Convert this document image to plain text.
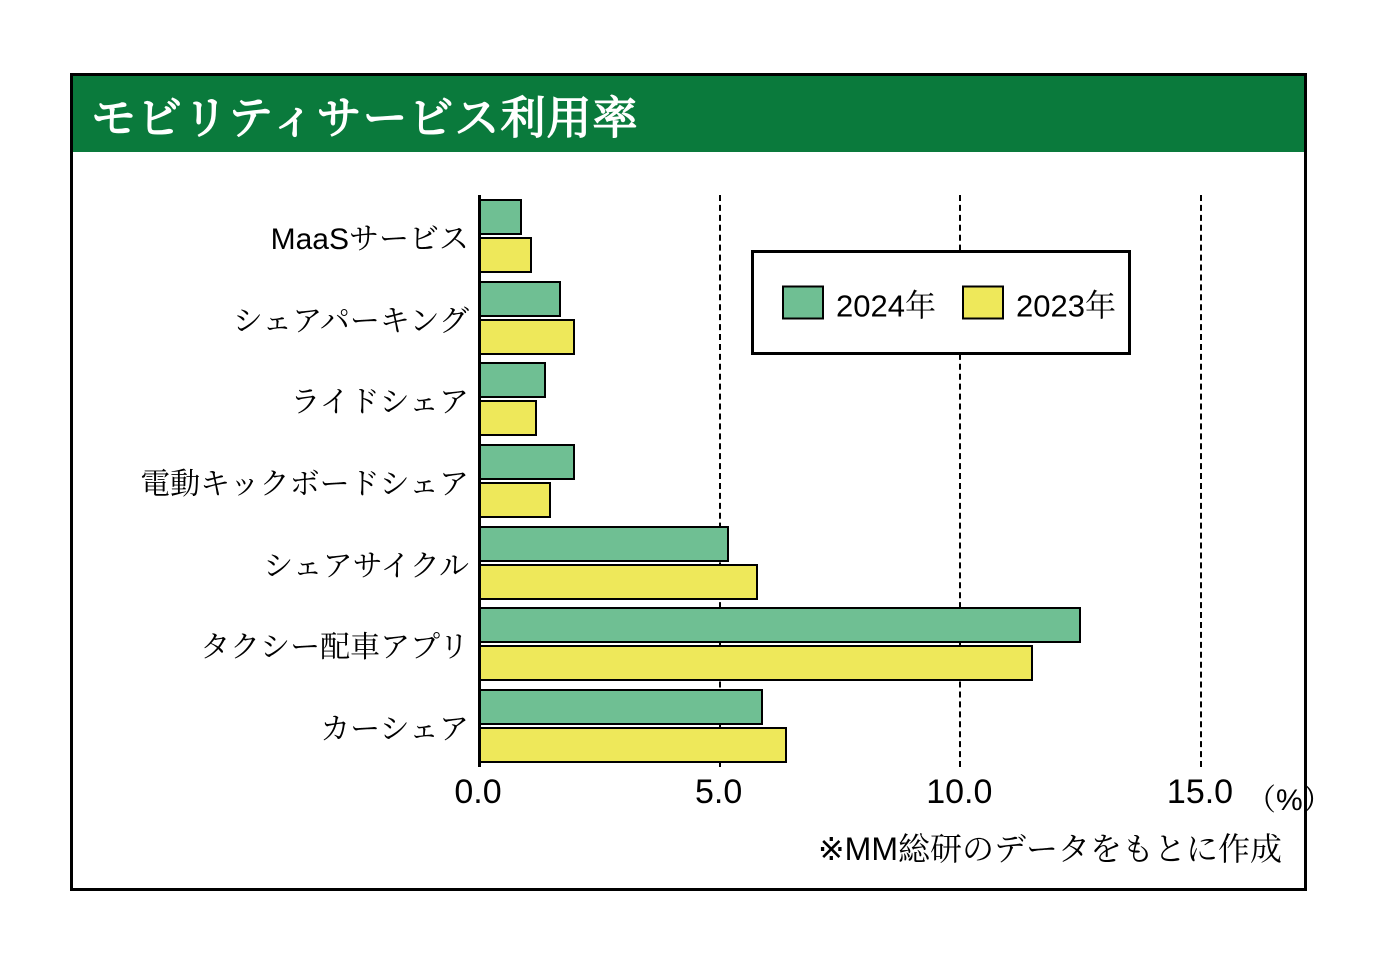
モビリティサービス利用率
MaaSサービス
シェアパーキング
ライドシェア
電動キックボードシェア
シェアサイクル
タクシー配車アプリ
カーシェア
（%）
0.0	5.0	10.0	15.0
2024年	2023年
※MM総研のデータをもとに作成
